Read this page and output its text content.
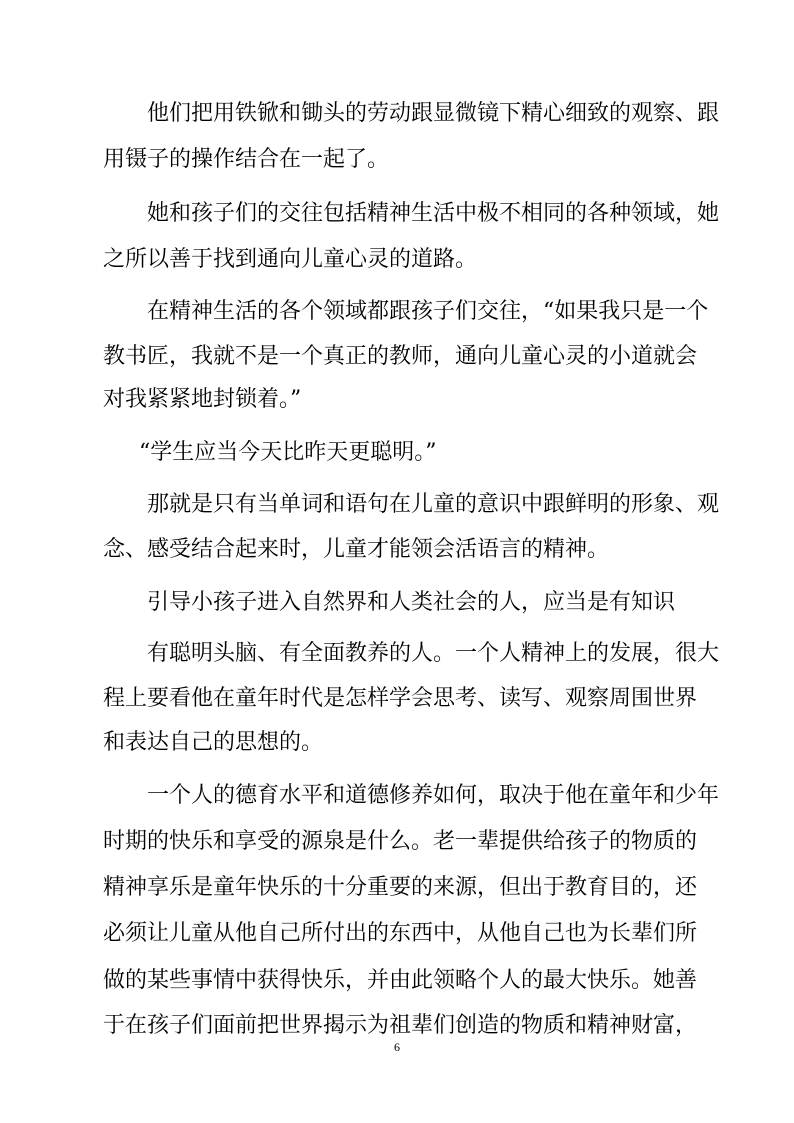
他们把用铁锨和锄头的劳动跟显微镜下精心细致的观察、跟
用镊子的操作结合在一起了。
她和孩子们的交往包括精神生活中极不相同的各种领域，她
之所以善于找到通向儿童心灵的道路。
在精神生活的各个领域都跟孩子们交往，“如果我只是一个
教书匠，我就不是一个真正的教师，通向儿童心灵的小道就会
对我紧紧地封锁着。”
“学生应当今天比昨天更聪明。”
那就是只有当单词和语句在儿童的意识中跟鲜明的形象、观
念、感受结合起来时，儿童才能领会活语言的精神。
引导小孩子进入自然界和人类社会的人，应当是有知识
有聪明头脑、有全面教养的人。一个人精神上的发展，很大
程上要看他在童年时代是怎样学会思考、读写、观察周围世界
和表达自己的思想的。
一个人的德育水平和道德修养如何，取决于他在童年和少年
时期的快乐和享受的源泉是什么。老一辈提供给孩子的物质的
精神享乐是童年快乐的十分重要的来源，但出于教育目的，还
必须让儿童从他自己所付出的东西中，从他自己也为长辈们所
做的某些事情中获得快乐，并由此领略个人的最大快乐。她善
于在孩子们面前把世界揭示为祖辈们创造的物质和精神财富，
6
